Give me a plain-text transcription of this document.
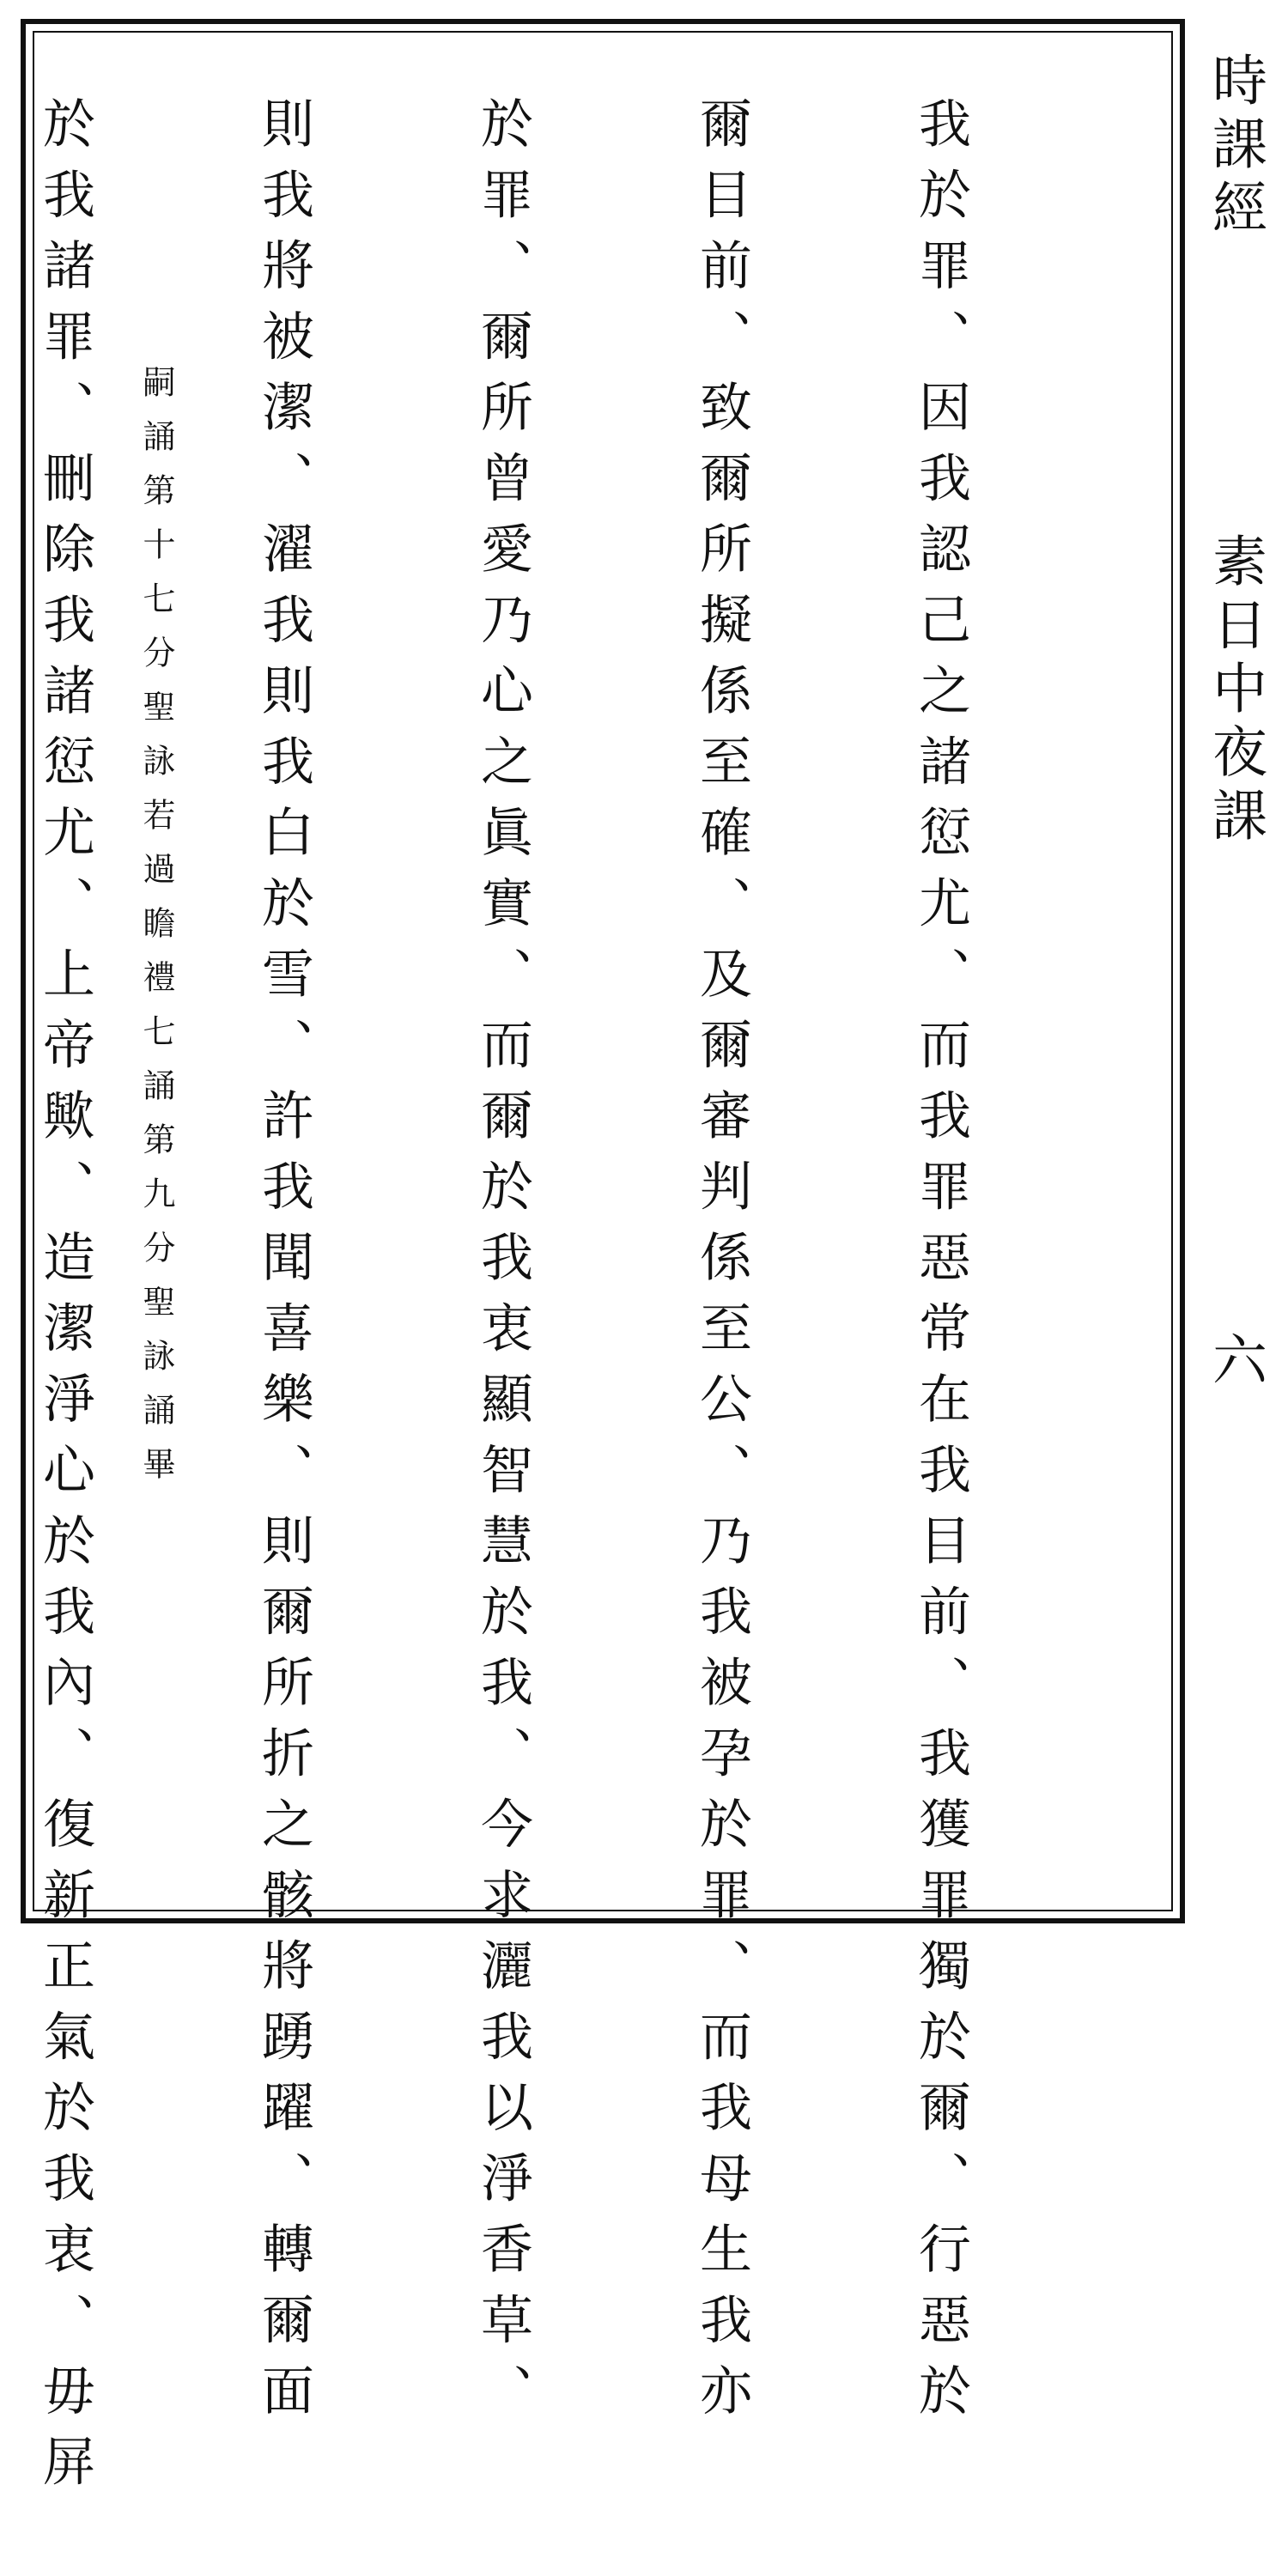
時課經
素日中夜課
六

我於罪、因我認己之諸愆尤、而我罪惡常在我目前、我獲罪獨於爾、行惡於

爾目前、致爾所擬係至確、及爾審判係至公、乃我被孕於罪、而我母生我亦

於罪、爾所曾愛乃心之眞實、而爾於我衷顯智慧於我、今求灑我以淨香草、

則我將被潔、濯我則我白於雪、許我聞喜樂、則爾所折之骸將踴躍、轉爾面

於我諸罪、刪除我諸愆尤、上帝歟、造潔淨心於我內、復新正氣於我衷、毋屏

嗣誦第十七分聖詠若過瞻禮七誦第九分聖詠誦畢
